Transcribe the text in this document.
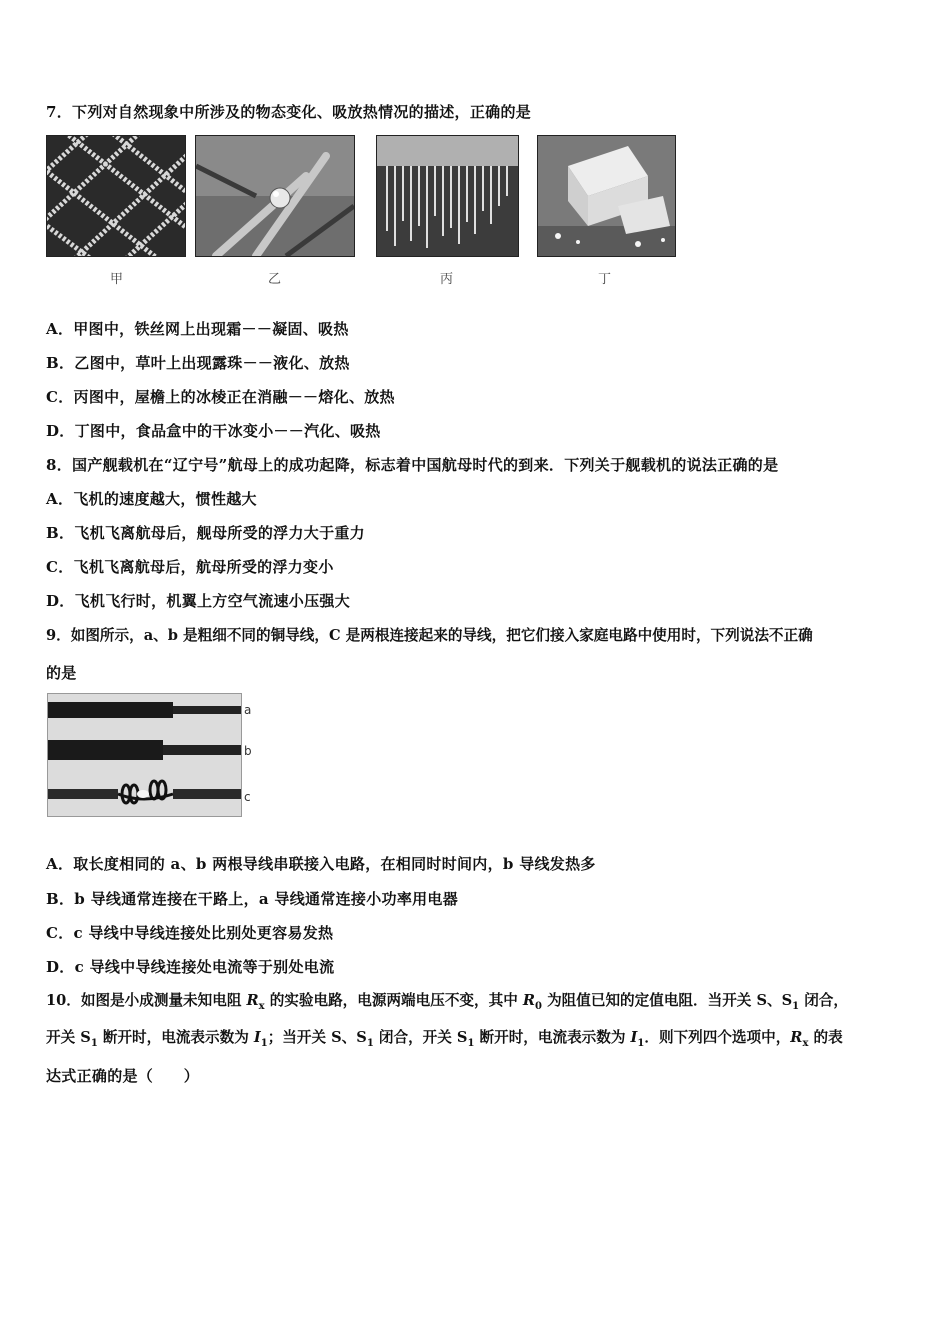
7．下列对自然现象中所涉及的物态变化、吸放热情况的描述，正确的是
甲	乙	丙	丁
A．甲图中，铁丝网上出现霜－－凝固、吸热
B．乙图中，草叶上出现露珠－－液化、放热
C．丙图中，屋檐上的冰棱正在消融－－熔化、放热
D．丁图中，食品盒中的干冰变小－－汽化、吸热
8．国产舰载机在“辽宁号”航母上的成功起降，标志着中国航母时代的到来．下列关于舰载机的说法正确的是
A．飞机的速度越大，惯性越大
B．飞机飞离航母后，舰母所受的浮力大于重力
C．飞机飞离航母后，航母所受的浮力变小
D．飞机飞行时，机翼上方空气流速小压强大
9．如图所示，a、b 是粗细不同的铜导线，C 是两根连接起来的导线，把它们接入家庭电路中使用时，下列说法不正确
的是
a
b
c
A．取长度相同的 a、b 两根导线串联接入电路，在相同时时间内，b 导线发热多
B．b 导线通常连接在干路上，a 导线通常连接小功率用电器
C．c 导线中导线连接处比别处更容易发热
D．c 导线中导线连接处电流等于别处电流
10．如图是小成测量未知电阻 $R_x$ 的实验电路，电源两端电压不变，其中 $R_0$ 为阻值已知的定值电阻．当开关 S、$S_1$ 闭合，
开关 $S_1$ 断开时，电流表示数为 $I_1$；当开关 S、$S_1$ 闭合，开关 $S_1$ 断开时，电流表示数为 $I_1$．则下列四个选项中，$R_x$ 的表
达式正确的是（　　）
